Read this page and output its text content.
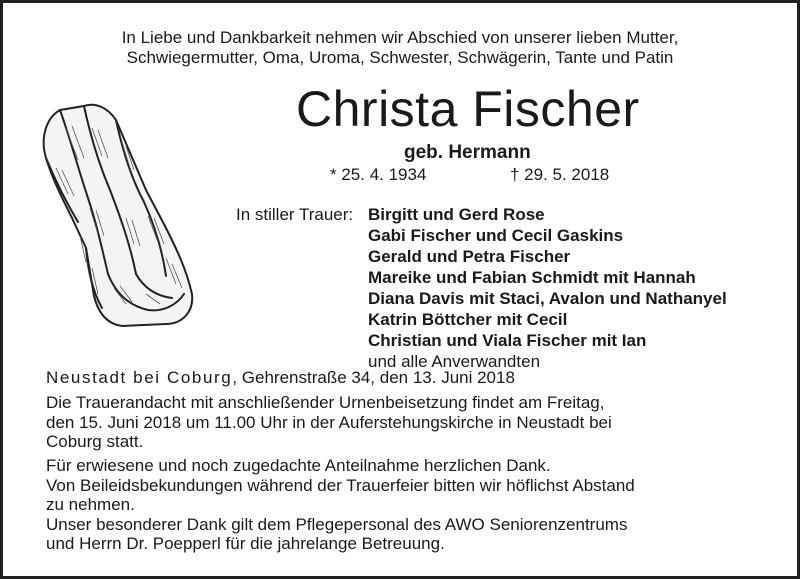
In Liebe und Dankbarkeit nehmen wir Abschied von unserer lieben Mutter,
Schwiegermutter, Oma, Uroma, Schwester, Schwägerin, Tante und Patin
Christa Fischer
geb. Hermann
* 25. 4. 1934	† 29. 5. 2018
In stiller Trauer: Birgitt und Gerd Rose
Gabi Fischer und Cecil Gaskins
Gerald und Petra Fischer
Mareike und Fabian Schmidt mit Hannah
Diana Davis mit Staci, Avalon und Nathanyel
Katrin Böttcher mit Cecil
Christian und Viala Fischer mit Ian
und alle Anverwandten
Neustadt bei Coburg, Gehrenstraße 34, den 13. Juni 2018
Die Trauerandacht mit anschließender Urnenbeisetzung findet am Freitag,
den 15. Juni 2018 um 11.00 Uhr in der Auferstehungskirche in Neustadt bei
Coburg statt.
Für erwiesene und noch zugedachte Anteilnahme herzlichen Dank.
Von Beileidsbekundungen während der Trauerfeier bitten wir höflichst Abstand
zu nehmen.
Unser besonderer Dank gilt dem Pflegepersonal des AWO Seniorenzentrums
und Herrn Dr. Poepperl für die jahrelange Betreuung.
